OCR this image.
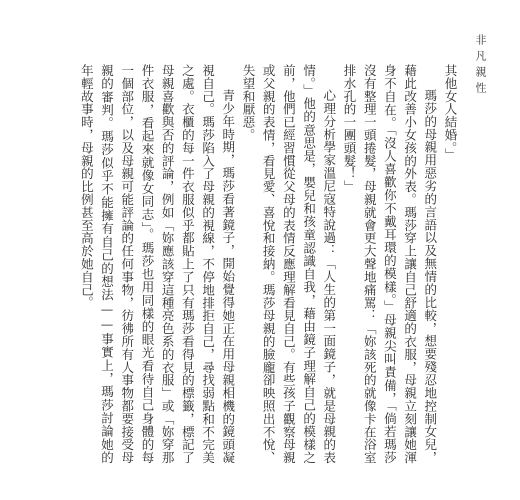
非凡親性

其他女人結婚。」

瑪莎的母親用惡劣的言語以及無情的比較，想要殘忍地控制女兒，藉此改善小女孩的外表。瑪莎穿上讓自己舒適的衣服，母親立刻讓她渾身不自在。「沒人喜歡你不戴耳環的模樣。」母親尖叫責備，「倘若瑪莎沒有整理一頭捲髮，母親就會更大聲地痛罵：「妳該死的就像卡在浴室排水孔的一團頭髮！」

心理分析學家溫尼寇特說過：「人生的第一面鏡子，就是母親的表情。」他的意思是，嬰兒和孩童認識自我，藉由鏡子理解自己的模樣之前，他們已經習慣從父母的表情反應理解看見自己。有些孩子觀察母親或父親的表情，看見愛、喜悅和接納。瑪莎母親的臉龐卻映照出不悅、失望和厭惡。

青少年時期，瑪莎看著鏡子，開始覺得她正在用母親相機的鏡頭凝視自己。瑪莎陷入了母親的視線，不停地排拒自己，尋找弱點和不完美之處。衣櫃的每一件衣服似乎都貼上了只有瑪莎看得見的標籤，標記了母親喜歡與否的評論，例如「妳應該穿這種亮色系的衣服」或「妳穿那件衣服，看起來就像女同志」。瑪莎也用同樣的眼光看待自己身體的每一個部位，以及母親可能評論的任何事物，彷彿所有人事物都要接受母親的審判。瑪莎似乎不能擁有自己的想法——事實上，瑪莎討論她的年輕故事時，母親的比例甚至高於她自己。
